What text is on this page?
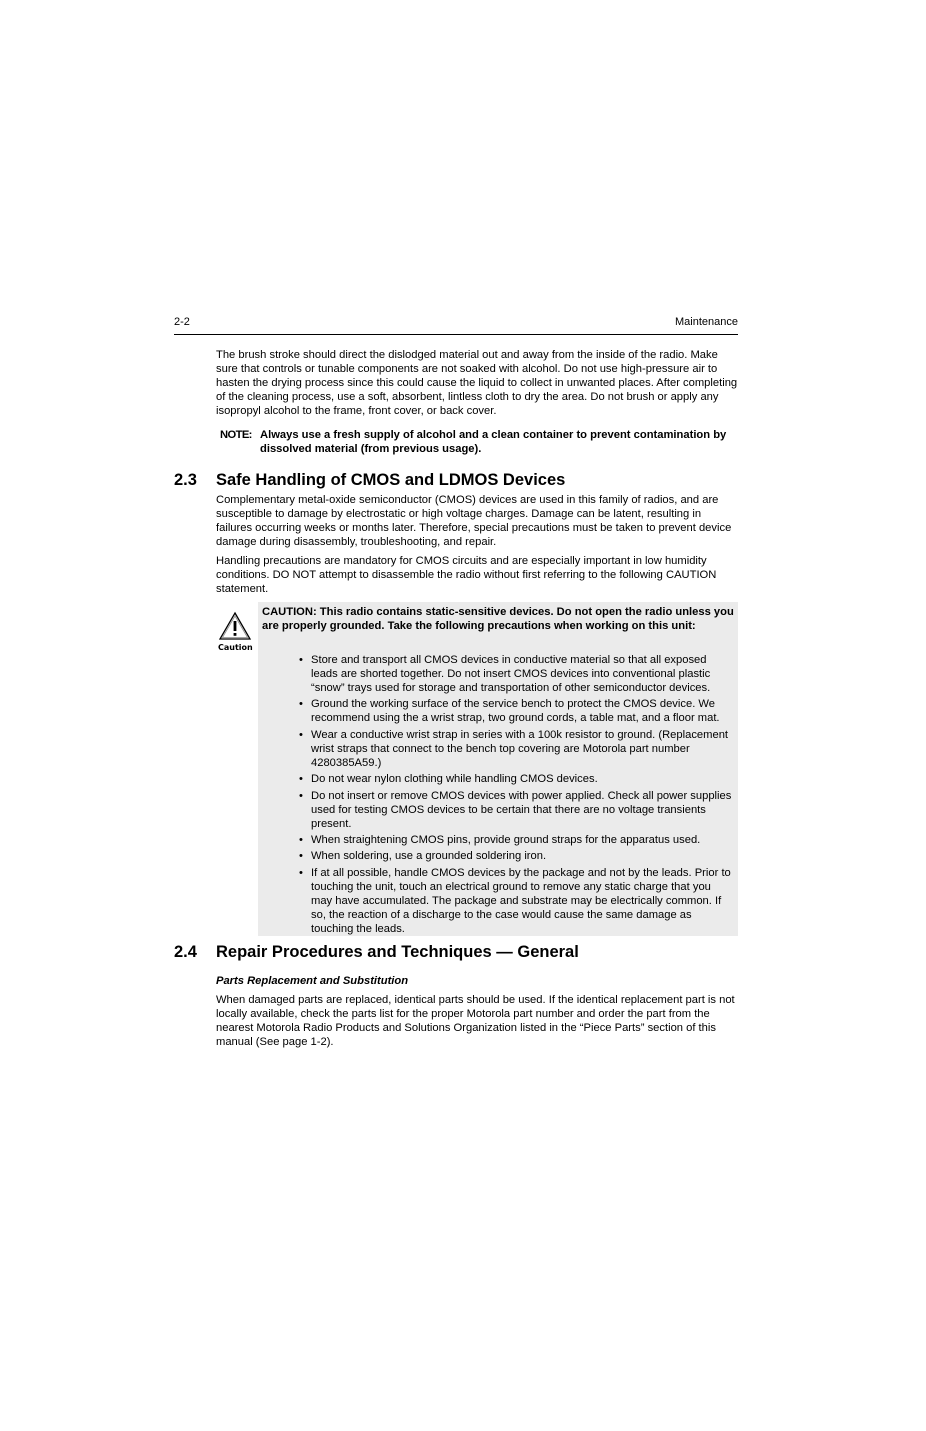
2-2	Maintenance

The brush stroke should direct the dislodged material out and away from the inside of the radio. Make sure that controls or tunable components are not soaked with alcohol. Do not use high-pressure air to hasten the drying process since this could cause the liquid to collect in unwanted places. After completing of the cleaning process, use a soft, absorbent, lintless cloth to dry the area. Do not brush or apply any isopropyl alcohol to the frame, front cover, or back cover.

NOTE: Always use a fresh supply of alcohol and a clean container to prevent contamination by dissolved material (from previous usage).
2.3 Safe Handling of CMOS and LDMOS Devices

Complementary metal-oxide semiconductor (CMOS) devices are used in this family of radios, and are susceptible to damage by electrostatic or high voltage charges. Damage can be latent, resulting in failures occurring weeks or months later. Therefore, special precautions must be taken to prevent device damage during disassembly, troubleshooting, and repair.

Handling precautions are mandatory for CMOS circuits and are especially important in low humidity conditions. DO NOT attempt to disassemble the radio without first referring to the following CAUTION statement.

Caution
CAUTION: This radio contains static-sensitive devices. Do not open the radio unless you are properly grounded. Take the following precautions when working on this unit:
• Store and transport all CMOS devices in conductive material so that all exposed leads are shorted together. Do not insert CMOS devices into conventional plastic “snow” trays used for storage and transportation of other semiconductor devices.
• Ground the working surface of the service bench to protect the CMOS device. We recommend using the a wrist strap, two ground cords, a table mat, and a floor mat.
• Wear a conductive wrist strap in series with a 100k resistor to ground. (Replacement wrist straps that connect to the bench top covering are Motorola part number 4280385A59.)
• Do not wear nylon clothing while handling CMOS devices.
• Do not insert or remove CMOS devices with power applied. Check all power supplies used for testing CMOS devices to be certain that there are no voltage transients present.
• When straightening CMOS pins, provide ground straps for the apparatus used.
• When soldering, use a grounded soldering iron.
• If at all possible, handle CMOS devices by the package and not by the leads. Prior to touching the unit, touch an electrical ground to remove any static charge that you may have accumulated. The package and substrate may be electrically common. If so, the reaction of a discharge to the case would cause the same damage as touching the leads.
2.4 Repair Procedures and Techniques — General
Parts Replacement and Substitution

When damaged parts are replaced, identical parts should be used. If the identical replacement part is not locally available, check the parts list for the proper Motorola part number and order the part from the nearest Motorola Radio Products and Solutions Organization listed in the “Piece Parts” section of this manual (See page 1-2).
